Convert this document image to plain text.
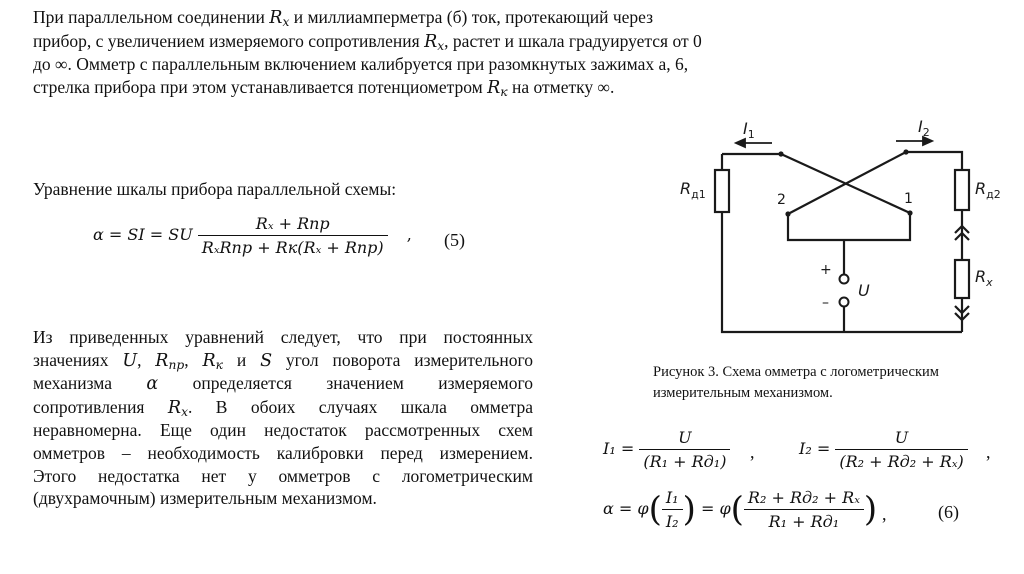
При параллельном соединении $R_x$ и миллиамперметра (б) ток, протекающий через
прибор, с увеличением измеряемого сопротивления $R_x$, растет и шкала градуируется от 0
до ∞. Омметр с параллельным включением калибруется при разомкнутых зажимах а, 6,
стрелка прибора при этом устанавливается потенциометром $R_к$ на отметку ∞.
Уравнение шкалы прибора параллельной схемы:
α = SI = SU $\frac{\text{Rₓ + Rпр}}{\text{RₓRпр + Rк(Rₓ + Rпр)}}$ , (5)
Из приведенных уравнений следует, что при постоянных
значениях U, $R_{пр}$, $R_к$ и S угол поворота измерительного
механизма α определяется значением измеряемого
сопротивления $R_x$. В обоих случаях шкала омметра
неравномерна. Еще один недостаток рассмотренных схем
омметров – необходимость калибровки перед измерением.
Этого недостатка нет у омметров с логометрическим
(двухрамочным) измерительным механизмом.
$I_1$	$I_2$
$R_{д1}$	$R_{д2}$
$R_x$
U
1
2
+
–
Рисунок 3. Схема омметра с логометрическим
измерительным механизмом.
$I_1 = \frac{U}{\text{(R₁ + Rд₁)}}$ ,	$I_2 = \frac{U}{\text{(R₂ + Rд₂ + Rₓ)}}$ ,
$\alpha = \varphi( \frac{\text{I₁}}{\text{I₂}}$ ) = $\varphi( \frac{\text{R₂ + Rд₂ + Rₓ}}{\text{R₁ + Rд₁}}$ ) ,	(6)
